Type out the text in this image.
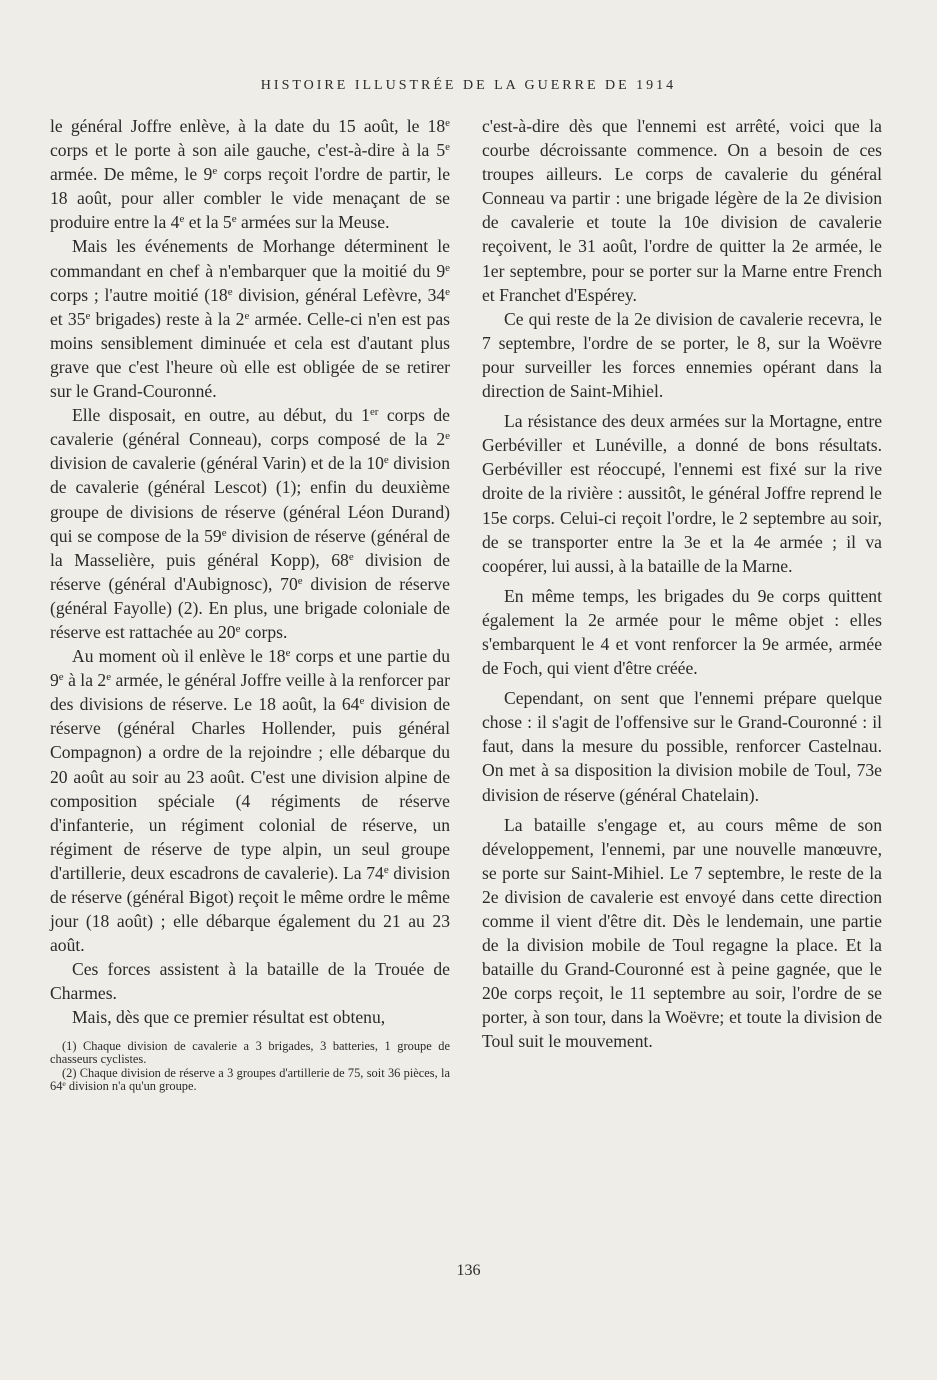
HISTOIRE ILLUSTRÉE DE LA GUERRE DE 1914

le général Joffre enlève, à la date du 15 août, le 18e corps et le porte à son aile gauche, c'est-à-dire à la 5e armée. De même, le 9e corps reçoit l'ordre de partir, le 18 août, pour aller combler le vide menaçant de se produire entre la 4e et la 5e armées sur la Meuse.

Mais les événements de Morhange déterminent le commandant en chef à n'embarquer que la moitié du 9e corps ; l'autre moitié (18e division, général Lefèvre, 34e et 35e brigades) reste à la 2e armée. Celle-ci n'en est pas moins sensiblement diminuée et cela est d'autant plus grave que c'est l'heure où elle est obligée de se retirer sur le Grand-Couronné.

Elle disposait, en outre, au début, du 1er corps de cavalerie (général Conneau), corps composé de la 2e division de cavalerie (général Varin) et de la 10e division de cavalerie (général Lescot) (1); enfin du deuxième groupe de divisions de réserve (général Léon Durand) qui se compose de la 59e division de réserve (général de la Masselière, puis général Kopp), 68e division de réserve (général d'Aubignosc), 70e division de réserve (général Fayolle) (2). En plus, une brigade coloniale de réserve est rattachée au 20e corps.

Au moment où il enlève le 18e corps et une partie du 9e à la 2e armée, le général Joffre veille à la renforcer par des divisions de réserve. Le 18 août, la 64e division de réserve (général Charles Hollender, puis général Compagnon) a ordre de la rejoindre ; elle débarque du 20 août au soir au 23 août. C'est une division alpine de composition spéciale (4 régiments de réserve d'infanterie, un régiment colonial de réserve, un régiment de réserve de type alpin, un seul groupe d'artillerie, deux escadrons de cavalerie). La 74e division de réserve (général Bigot) reçoit le même ordre le même jour (18 août) ; elle débarque également du 21 au 23 août.

Ces forces assistent à la bataille de la Trouée de Charmes.

Mais, dès que ce premier résultat est obtenu,

(1) Chaque division de cavalerie a 3 brigades, 3 batteries, 1 groupe de chasseurs cyclistes.

(2) Chaque division de réserve a 3 groupes d'artillerie de 75, soit 36 pièces, la 64e division n'a qu'un groupe.

c'est-à-dire dès que l'ennemi est arrêté, voici que la courbe décroissante commence. On a besoin de ces troupes ailleurs. Le corps de cavalerie du général Conneau va partir : une brigade légère de la 2e division de cavalerie et toute la 10e division de cavalerie reçoivent, le 31 août, l'ordre de quitter la 2e armée, le 1er septembre, pour se porter sur la Marne entre French et Franchet d'Espérey.

Ce qui reste de la 2e division de cavalerie recevra, le 7 septembre, l'ordre de se porter, le 8, sur la Woëvre pour surveiller les forces ennemies opérant dans la direction de Saint-Mihiel.

La résistance des deux armées sur la Mortagne, entre Gerbéviller et Lunéville, a donné de bons résultats. Gerbéviller est réoccupé, l'ennemi est fixé sur la rive droite de la rivière : aussitôt, le général Joffre reprend le 15e corps. Celui-ci reçoit l'ordre, le 2 septembre au soir, de se transporter entre la 3e et la 4e armée ; il va coopérer, lui aussi, à la bataille de la Marne.

En même temps, les brigades du 9e corps quittent également la 2e armée pour le même objet : elles s'embarquent le 4 et vont renforcer la 9e armée, armée de Foch, qui vient d'être créée.

Cependant, on sent que l'ennemi prépare quelque chose : il s'agit de l'offensive sur le Grand-Couronné : il faut, dans la mesure du possible, renforcer Castelnau. On met à sa disposition la division mobile de Toul, 73e division de réserve (général Chatelain).

La bataille s'engage et, au cours même de son développement, l'ennemi, par une nouvelle manœuvre, se porte sur Saint-Mihiel. Le 7 septembre, le reste de la 2e division de cavalerie est envoyé dans cette direction comme il vient d'être dit. Dès le lendemain, une partie de la division mobile de Toul regagne la place. Et la bataille du Grand-Couronné est à peine gagnée, que le 20e corps reçoit, le 11 septembre au soir, l'ordre de se porter, à son tour, dans la Woëvre; et toute la division de Toul suit le mouvement.

136
